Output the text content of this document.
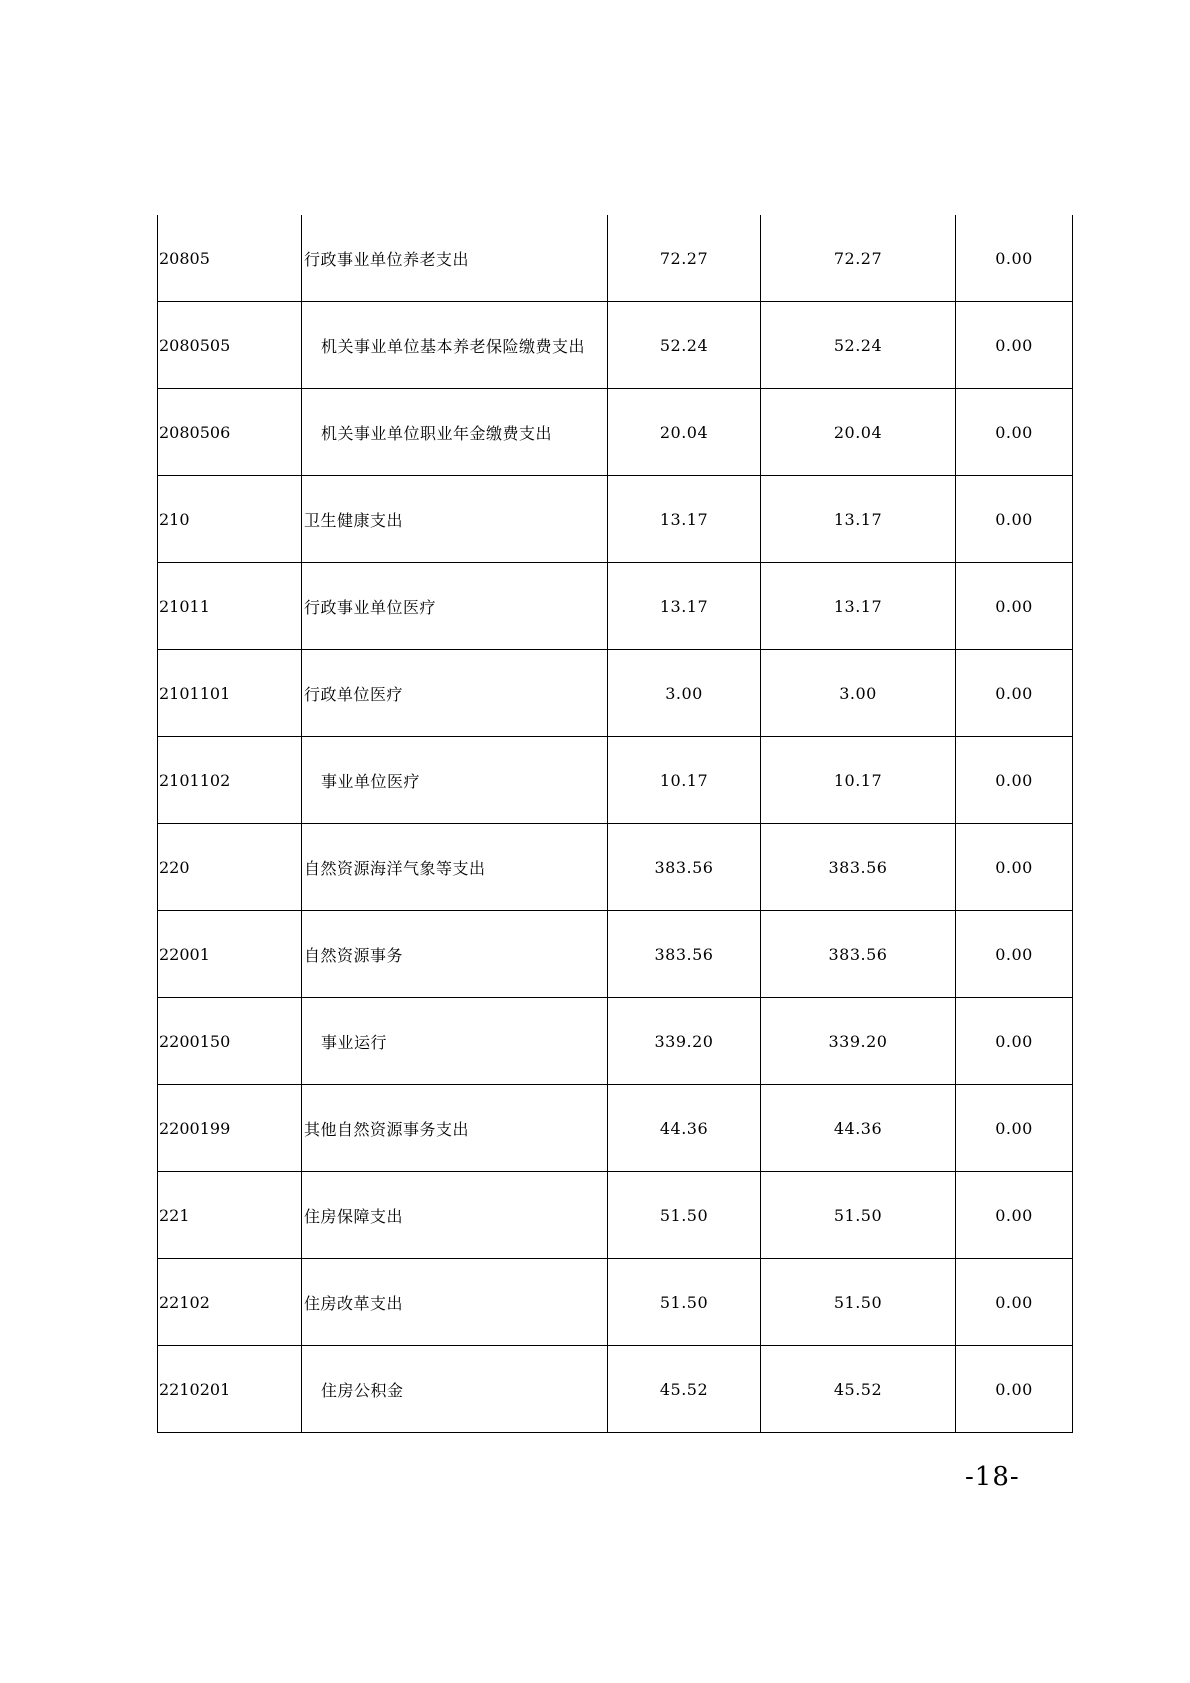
20805	行政事业单位养老支出	72.27	72.27	0.00
2080505	机关事业单位基本养老保险缴费支出	52.24	52.24	0.00
2080506	机关事业单位职业年金缴费支出	20.04	20.04	0.00
210	卫生健康支出	13.17	13.17	0.00
21011	行政事业单位医疗	13.17	13.17	0.00
2101101	行政单位医疗	3.00	3.00	0.00
2101102	事业单位医疗	10.17	10.17	0.00
220	自然资源海洋气象等支出	383.56	383.56	0.00
22001	自然资源事务	383.56	383.56	0.00
2200150	事业运行	339.20	339.20	0.00
2200199	其他自然资源事务支出	44.36	44.36	0.00
221	住房保障支出	51.50	51.50	0.00
22102	住房改革支出	51.50	51.50	0.00
2210201	住房公积金	45.52	45.52	0.00
-18-
